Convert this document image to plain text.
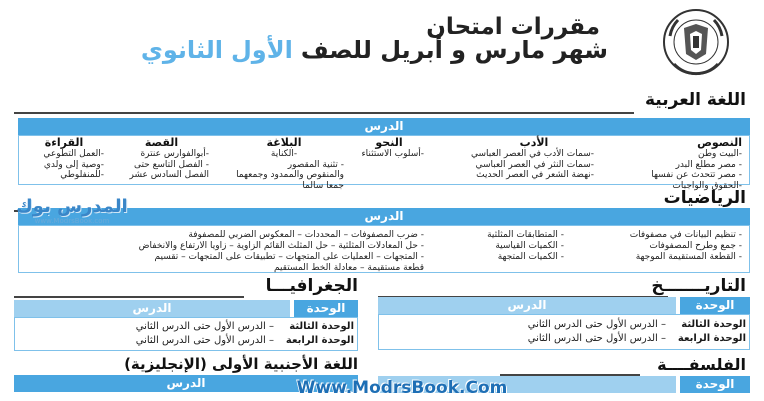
مقررات امتحان
شهر مارس و أبريل للصفالأولالثانوي
اللغة العربية
الدرس
النصوص
-البيت وطن
- مصر مطلع البدر
- مصر تتحدث عن نفسها
-الحقوق والواجبات
الأدب
-سمات الأدب في العصر العباسي
-سمات النثر في العصر العباسي
-نهضة الشعر في العصر الحديث
النحو
-أسلوب الاستثناء
البلاغة
-الكناية
- تثنية المقصور
والمنقوص والممدود وجمعهما
جمعا سالما
القصة
-أبوالفوارس عنترة
- الفصل التاسع حتى
الفصل السادس عشر
القراءة
-العمل التطوعي
-وصية إلى ولدي
-للمنفلوطي
الرياضيات
الدرس
- تنظيم البيانات في مصفوفات
- جمع وطرح المصفوفات
- القطعة المستقيمة الموجهة
- المتطابقات المثلثية
- الكميات القياسية
- الكميات المتجهة
- ضرب المصفوفات – المحددات – المعكوس الضربي للمصفوفة
- حل المعادلات المثلثية – حل المثلث القائم الزاوية – زاويا الارتفاع والانخفاض
- المتجهات – العمليات على المتجهات – تطبيقات على المتجهات – تقسيم
قطعة مستقيمة – معادلة الخط المستقيم
المدرس بوك
www.ModrsBook.com
التاريـــــــخ
الوحدة
الدرس
الوحدة الثالثة– الدرس الأول حتى الدرس الثاني
الوحدة الرابعة– الدرس الأول حتى الدرس الثاني
الجغرافيـــا
الوحدة
الدرس
الوحدة الثالثة– الدرس الأول حتى الدرس الثاني
الوحدة الرابعة– الدرس الأول حتى الدرس الثاني
الفلسفــــة
الوحدة
اللغة الأجنبية الأولى (الإنجليزية)
الدرس	Www.ModrsBook.Com
